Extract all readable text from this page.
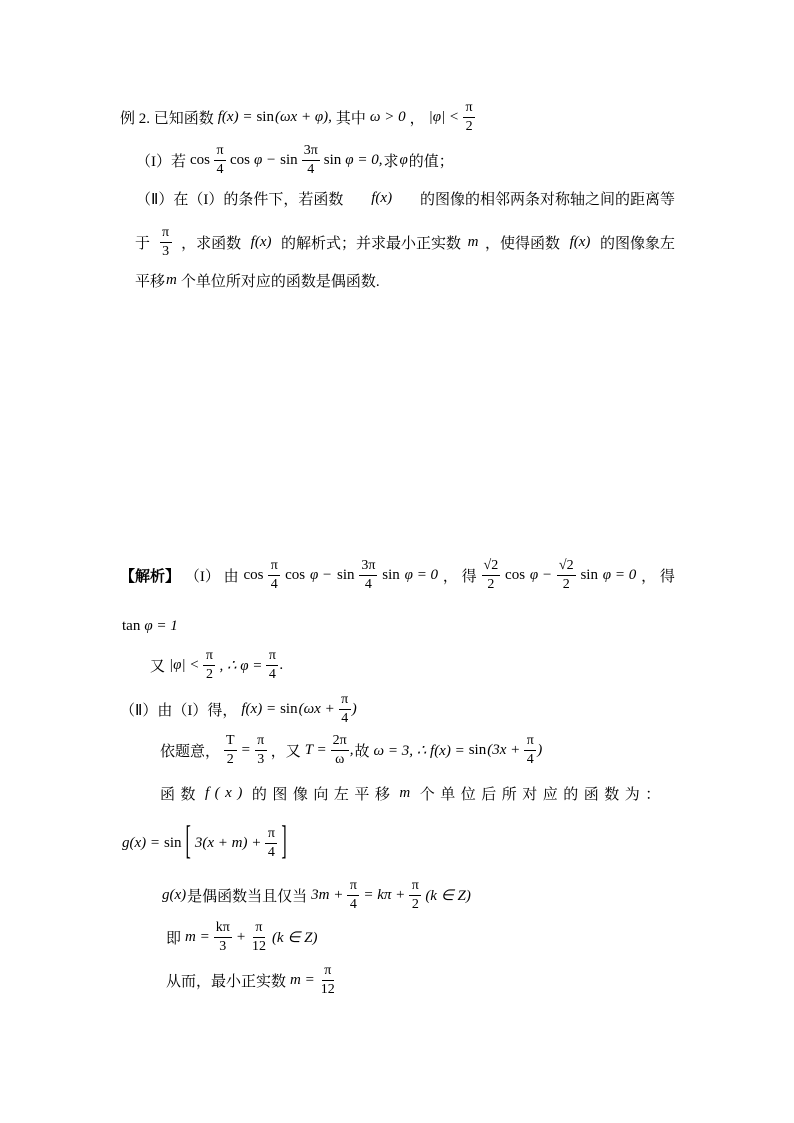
例 2. 已知函数 f(x) = sin (ωx + φ), 其中 ω > 0 ， $|\varphi| < \frac{\pi}{2}$
（I）若 $\cos \frac{\pi}{4}$ $\cos \varphi - \sin \frac{3\pi}{4}$ sin φ = 0, 求 φ 的值；
（Ⅱ）在（I）的条件下，若函数 f(x) 的图像的相邻两条对称轴之间的距离等
于 $\frac{\pi}{3}$ ，求函数 f(x) 的解析式；并求最小正实数 m ，使得函数 f(x) 的图像象左
平移 m 个单位所对应的函数是偶函数.
【解析】 （I） 由 $\cos \frac{\pi}{4}$ $\cos \varphi - \sin \frac{3\pi}{4}$ sin φ = 0 ， 得 $\frac{√2}{2}$ $\cos \varphi - \frac{√2}{2}$ sin φ = 0 ， 得
tan φ = 1
又 $|\varphi| < \frac{\pi}{2}$ , ∴ $\varphi = \frac{\pi}{4}$ .
（Ⅱ）由（I）得， $f(x) = \sin (\omega x + \frac{\pi}{4}$ )
依题意， $\frac{T}{2} = \frac{\pi}{3}$ ，又 $T = \frac{2\pi}{\omega}$ , 故 ω = 3, ∴ $f(x) = \sin (3x + \frac{\pi}{4}$ )
函数 f(x) 的图像向左平移 m 个单位后所对应的函数为：
g(x) = sin [ $3(x + m) + \frac{\pi}{4}$ ]
g(x) 是偶函数当且仅当 $3m + \frac{\pi}{4} = k\pi + \frac{\pi}{2} (k$ ∈ Z)
即 $m = \frac{k\pi}{3} + \frac{\pi}{12} (k$ ∈ Z)
从而，最小正实数 $m = \frac{\pi}{12}$
